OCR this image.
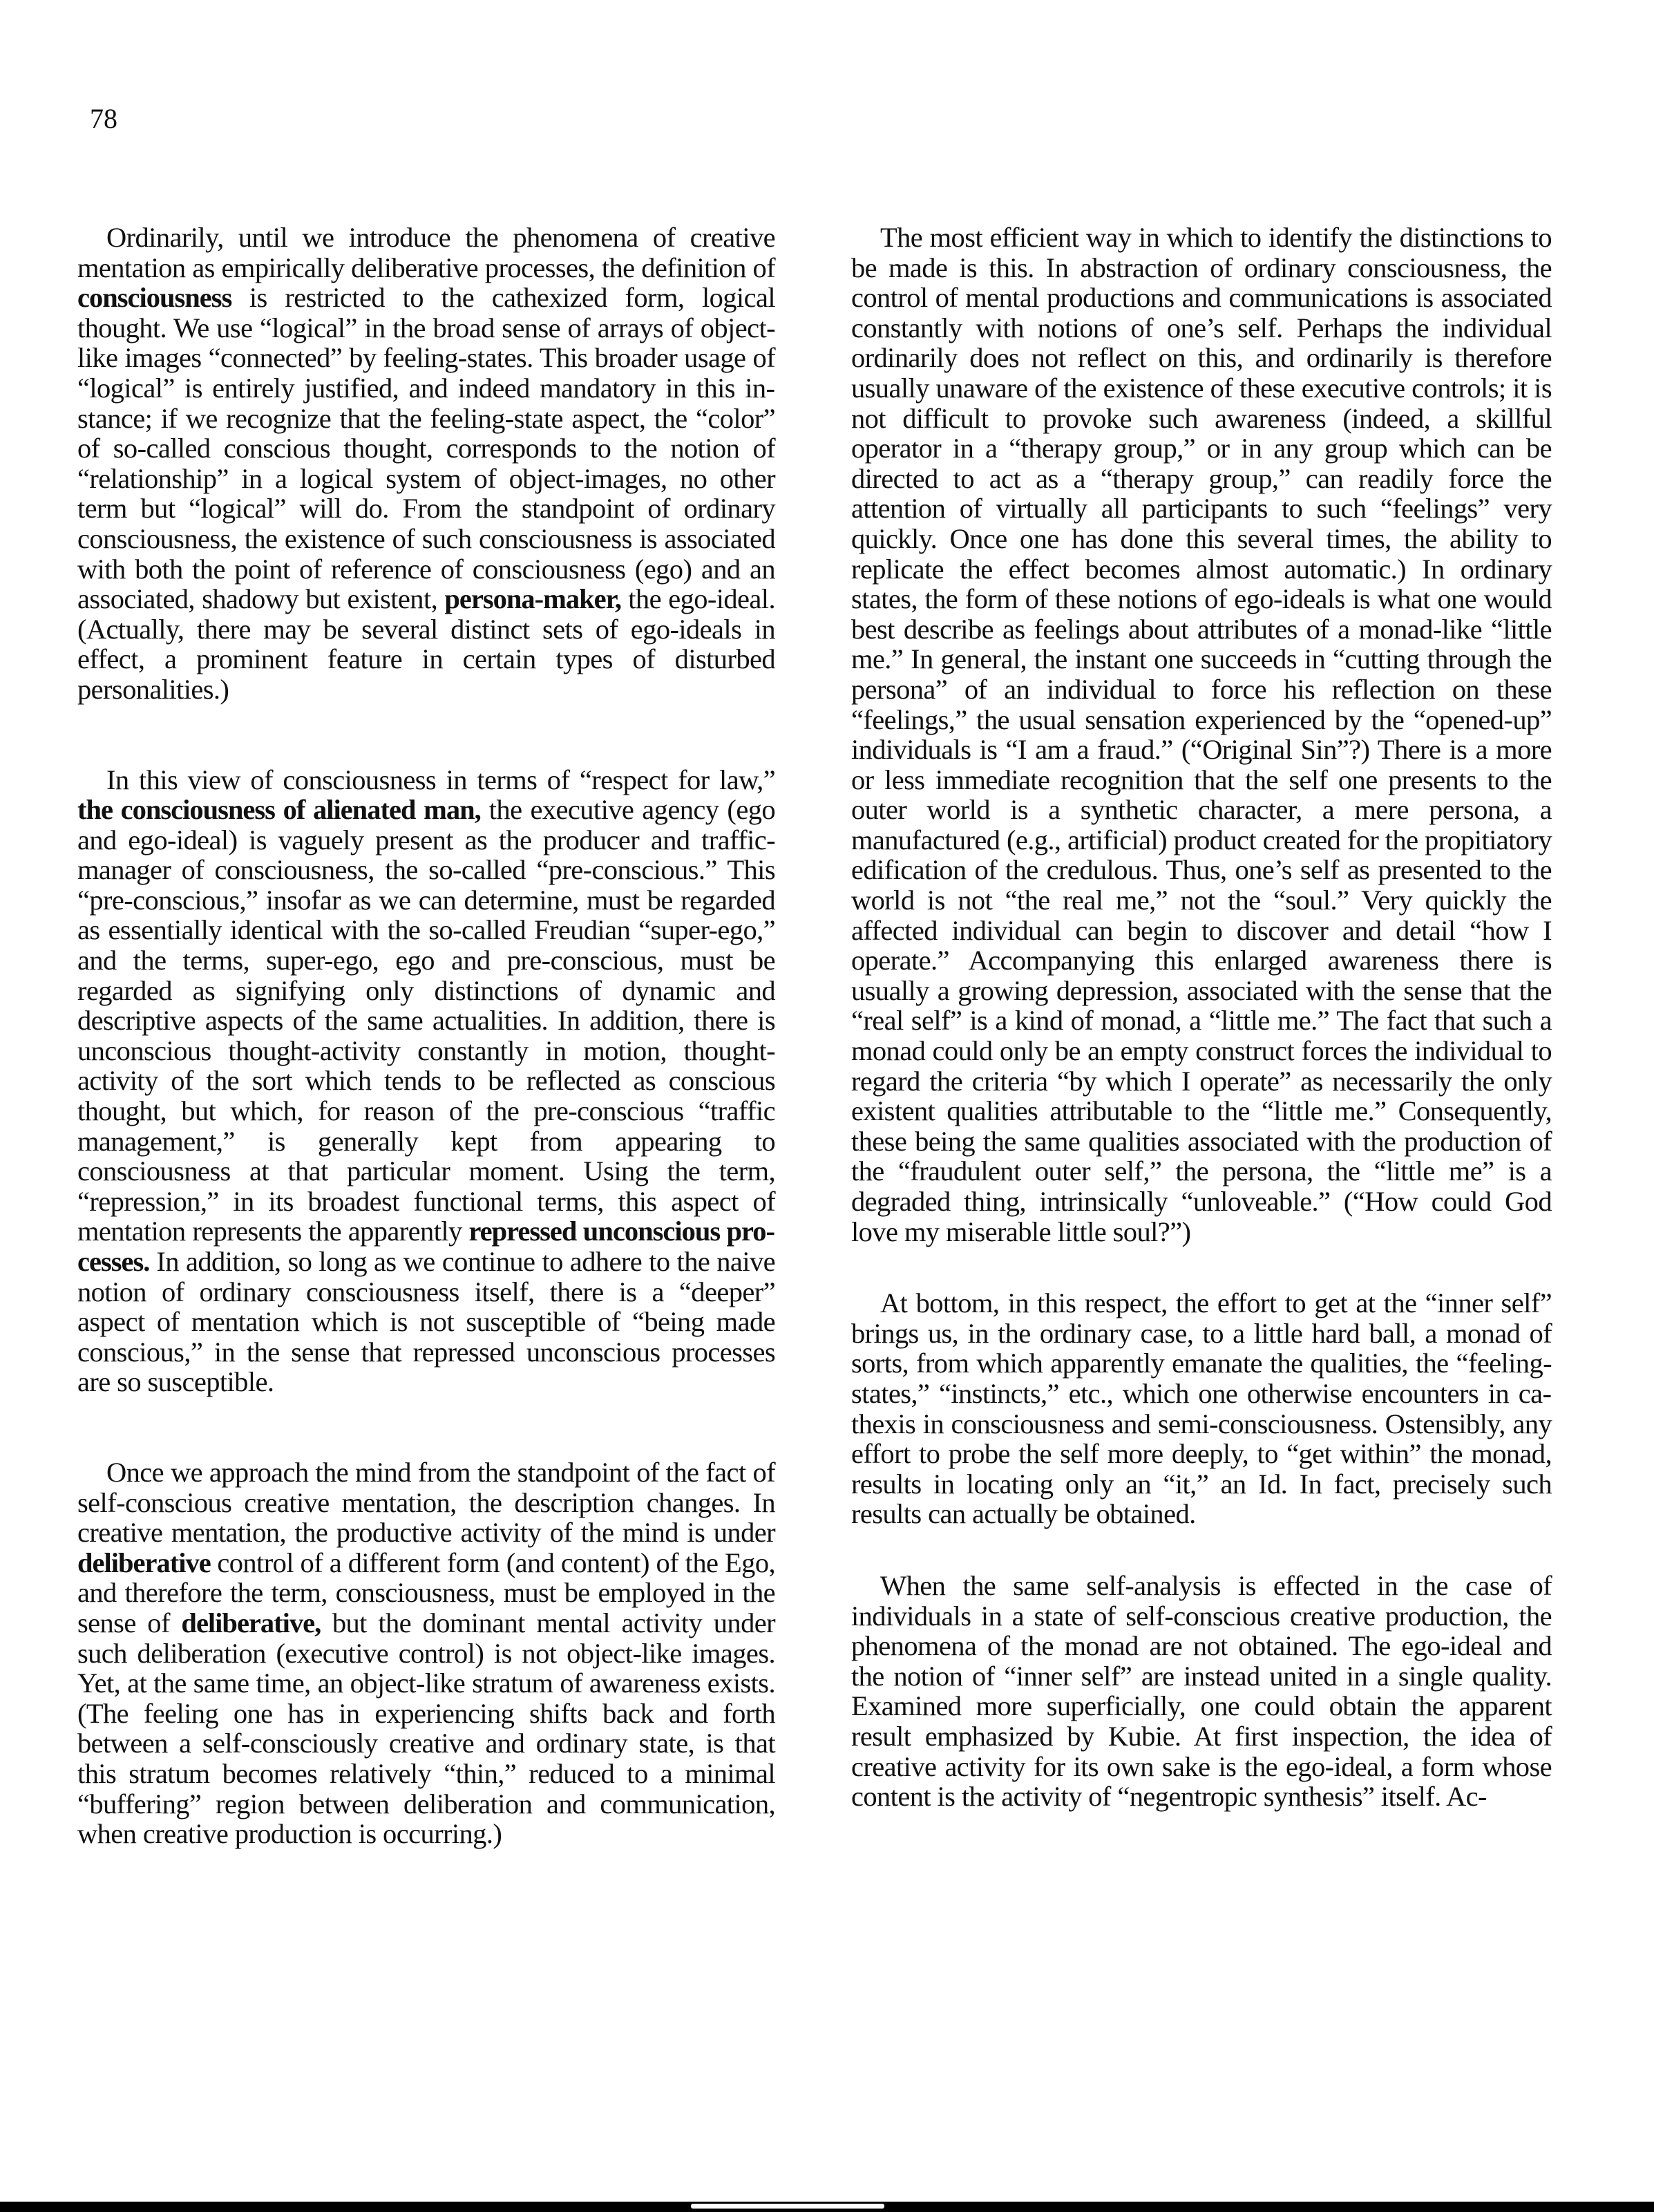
78

Ordinarily, until we introduce the phenomena of creative mentation as empirically deliberative processes, the definition of consciousness is restricted to the cathexized form, logical thought. We use “logical” in the broad sense of arrays of object-like images “connected” by feeling-states. This broader usage of “logical” is entirely justified, and indeed mandatory in this instance; if we recognize that the feeling-state aspect, the “color” of so-called conscious thought, corresponds to the notion of “relationship” in a logical system of object-images, no other term but “logical” will do. From the standpoint of ordinary consciousness, the existence of such consciousness is associated with both the point of reference of consciousness (ego) and an associated, shadowy but existent, persona-maker, the ego-ideal. (Actually, there may be several distinct sets of ego-ideals in effect, a prominent feature in certain types of disturbed personalities.)

In this view of consciousness in terms of “respect for law,” the consciousness of alienated man, the executive agency (ego and ego-ideal) is vaguely present as the producer and traffic-manager of consciousness, the so-called “pre-conscious.” This “pre-conscious,” insofar as we can determine, must be regarded as essentially identical with the so-called Freudian “super-ego,” and the terms, super-ego, ego and pre-conscious, must be regarded as signifying only distinctions of dynamic and descriptive aspects of the same actualities. In addition, there is unconscious thought-activity constantly in motion, thought-activity of the sort which tends to be reflected as conscious thought, but which, for reason of the pre-conscious “traffic management,” is generally kept from appearing to consciousness at that particular moment. Using the term, “repression,” in its broadest functional terms, this aspect of mentation represents the apparently repressed unconscious processes. In addition, so long as we continue to adhere to the naive notion of ordinary consciousness itself, there is a “deeper” aspect of mentation which is not susceptible of “being made conscious,” in the sense that repressed unconscious processes are so susceptible.

Once we approach the mind from the standpoint of the fact of self-conscious creative mentation, the description changes. In creative mentation, the productive activity of the mind is under deliberative control of a different form (and content) of the Ego, and therefore the term, consciousness, must be employed in the sense of deliberative, but the dominant mental activity under such deliberation (executive control) is not object-like images. Yet, at the same time, an object-like stratum of awareness exists. (The feeling one has in experiencing shifts back and forth between a self-consciously creative and ordinary state, is that this stratum becomes relatively “thin,” reduced to a minimal “buffering” region between deliberation and communication, when creative production is occurring.)

The most efficient way in which to identify the distinctions to be made is this. In abstraction of ordinary consciousness, the control of mental productions and communications is associated constantly with notions of one’s self. Perhaps the individual ordinarily does not reflect on this, and ordinarily is therefore usually unaware of the existence of these executive controls; it is not difficult to provoke such awareness (indeed, a skillful operator in a “therapy group,” or in any group which can be directed to act as a “therapy group,” can readily force the attention of virtually all participants to such “feelings” very quickly. Once one has done this several times, the ability to replicate the effect becomes almost automatic.) In ordinary states, the form of these notions of ego-ideals is what one would best describe as feelings about attributes of a monad-like “little me.” In general, the instant one succeeds in “cutting through the persona” of an individual to force his reflection on these “feelings,” the usual sensation experienced by the “opened-up” individuals is “I am a fraud.” (“Original Sin”?) There is a more or less immediate recognition that the self one presents to the outer world is a synthetic character, a mere persona, a manufactured (e.g., artificial) product created for the propitiatory edification of the credulous. Thus, one’s self as presented to the world is not “the real me,” not the “soul.” Very quickly the affected individual can begin to discover and detail “how I operate.” Accompanying this enlarged awareness there is usually a growing depression, associated with the sense that the “real self” is a kind of monad, a “little me.” The fact that such a monad could only be an empty construct forces the individual to regard the criteria “by which I operate” as necessarily the only existent qualities attributable to the “little me.” Consequently, these being the same qualities associated with the production of the “fraudulent outer self,” the persona, the “little me” is a degraded thing, intrinsically “unloveable.” (“How could God love my miserable little soul?”)

At bottom, in this respect, the effort to get at the “inner self” brings us, in the ordinary case, to a little hard ball, a monad of sorts, from which apparently emanate the qualities, the “feeling-states,” “instincts,” etc., which one otherwise encounters in cathexis in consciousness and semi-consciousness. Ostensibly, any effort to probe the self more deeply, to “get within” the monad, results in locating only an “it,” an Id. In fact, precisely such results can actually be obtained.

When the same self-analysis is effected in the case of individuals in a state of self-conscious creative production, the phenomena of the monad are not obtained. The ego-ideal and the notion of “inner self” are instead united in a single quality. Examined more superficially, one could obtain the apparent result emphasized by Kubie. At first inspection, the idea of creative activity for its own sake is the ego-ideal, a form whose content is the activity of “negentropic synthesis” itself. Ac-
